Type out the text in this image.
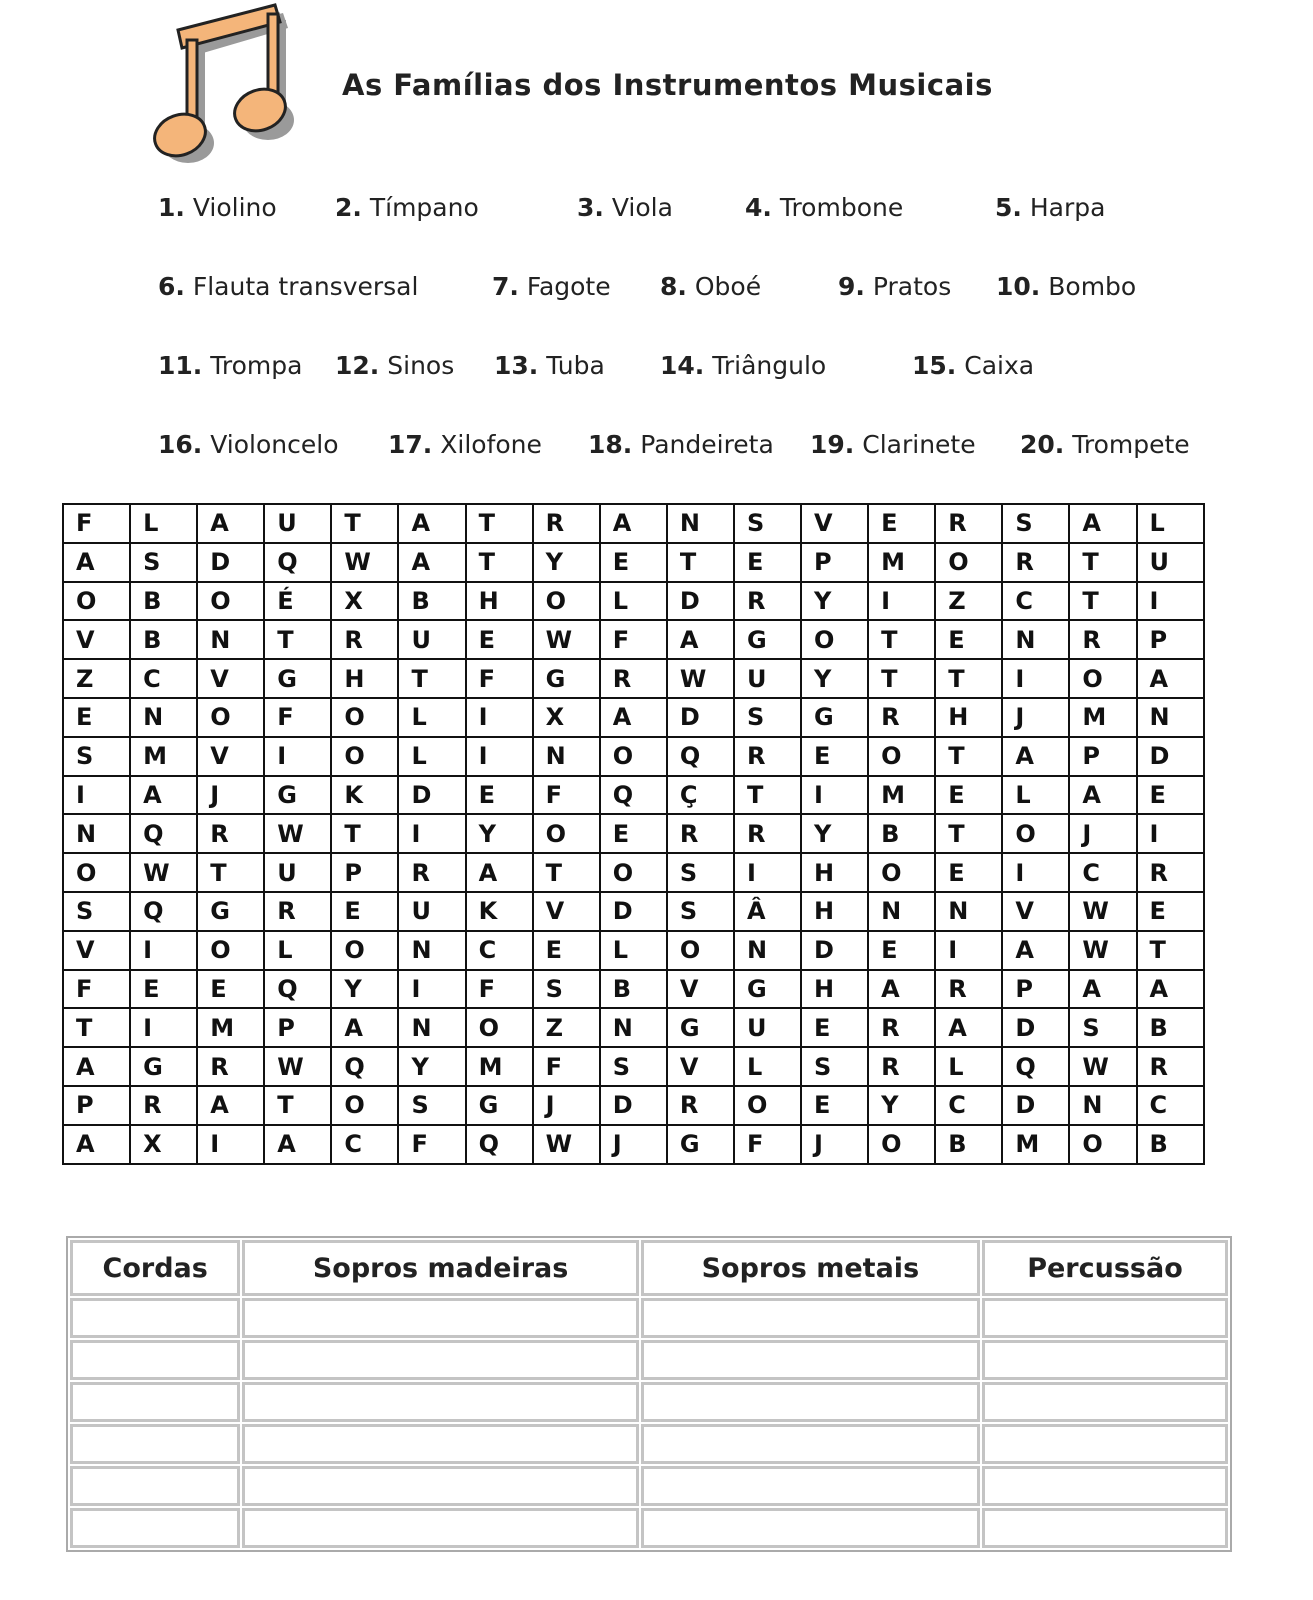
As Famílias dos Instrumentos Musicais
1. Violino 2. Tímpano	3. Viola	4. Trombone	5. Harpa
6. Flauta transversal	7. Fagote 8. Oboé	9. Pratos 10. Bombo
11. Trompa 12. Sinos 13. Tuba 14. Triângulo	15. Caixa
16. Violoncelo 17. Xilofone 18. Pandeireta 19. Clarinete 20. Trompete
F	L	A	U	T	A	T	R	A	N	S	V	E	R	S	A	L
A	S	D	Q	W	A	T	Y	E	T	E	P	M	O	R	T	U
O	B	O	É	X	B	H	O	L	D	R	Y	I	Z	C	T	I
V	B	N	T	R	U	E	W	F	A	G	O	T	E	N	R	P
Z	C	V	G	H	T	F	G	R	W	U	Y	T	T	I	O	A
E	N	O	F	O	L	I	X	A	D	S	G	R	H	J	M	N
S	M	V	I	O	L	I	N	O	Q	R	E	O	T	A	P	D
I	A	J	G	K	D	E	F	Q	Ç	T	I	M	E	L	A	E
N	Q	R	W	T	I	Y	O	E	R	R	Y	B	T	O	J	I
O	W	T	U	P	R	A	T	O	S	I	H	O	E	I	C	R
S	Q	G	R	E	U	K	V	D	S	Â	H	N	N	V	W	E
V	I	O	L	O	N	C	E	L	O	N	D	E	I	A	W	T
F	E	E	Q	Y	I	F	S	B	V	G	H	A	R	P	A	A
T	I	M	P	A	N	O	Z	N	G	U	E	R	A	D	S	B
A	G	R	W	Q	Y	M	F	S	V	L	S	R	L	Q	W	R
P	R	A	T	O	S	G	J	D	R	O	E	Y	C	D	N	C
A	X	I	A	C	F	Q	W	J	G	F	J	O	B	M	O	B
Cordas	Sopros madeiras	Sopros metais	Percussão
